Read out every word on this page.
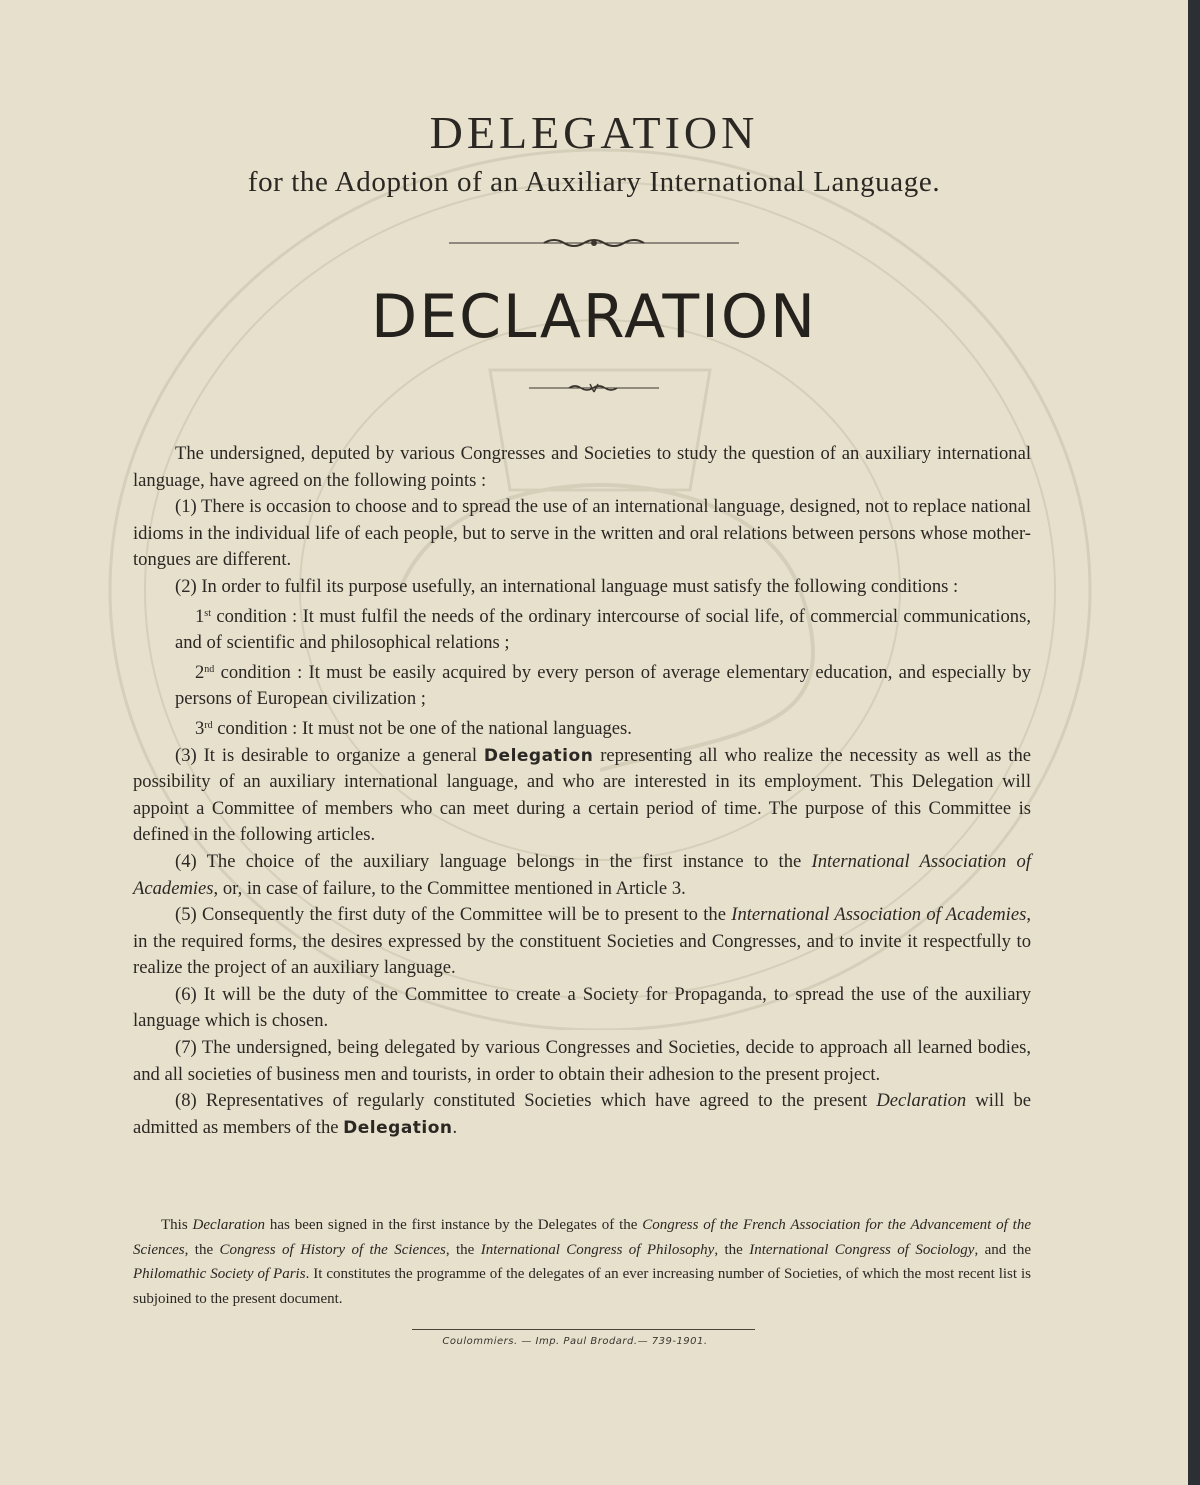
DELEGATION
for the Adoption of an Auxiliary International Language.
DECLARATION

The undersigned, deputed by various Congresses and Societies to study the question of an auxiliary international language, have agreed on the following points :

(1) There is occasion to choose and to spread the use of an international language, designed, not to replace national idioms in the individual life of each people, but to serve in the written and oral relations between persons whose mother-tongues are different.

(2) In order to fulfil its purpose usefully, an international language must satisfy the following conditions :

1st condition : It must fulfil the needs of the ordinary intercourse of social life, of commercial communications, and of scientific and philosophical relations ;

2nd condition : It must be easily acquired by every person of average elementary education, and especially by persons of European civilization ;

3rd condition : It must not be one of the national languages.

(3) It is desirable to organize a general Delegation representing all who realize the necessity as well as the possibility of an auxiliary international language, and who are interested in its employment. This Delegation will appoint a Committee of members who can meet during a certain period of time. The purpose of this Committee is defined in the following articles.

(4) The choice of the auxiliary language belongs in the first instance to the International Association of Academies, or, in case of failure, to the Committee mentioned in Article 3.

(5) Consequently the first duty of the Committee will be to present to the International Association of Academies, in the required forms, the desires expressed by the constituent Societies and Congresses, and to invite it respectfully to realize the project of an auxiliary language.

(6) It will be the duty of the Committee to create a Society for Propaganda, to spread the use of the auxiliary language which is chosen.

(7) The undersigned, being delegated by various Congresses and Societies, decide to approach all learned bodies, and all societies of business men and tourists, in order to obtain their adhesion to the present project.

(8) Representatives of regularly constituted Societies which have agreed to the present Declaration will be admitted as members of the Delegation.

This Declaration has been signed in the first instance by the Delegates of the Congress of the French Association for the Advancement of the Sciences, the Congress of History of the Sciences, the International Congress of Philosophy, the International Congress of Sociology, and the Philomathic Society of Paris. It constitutes the programme of the delegates of an ever increasing number of Societies, of which the most recent list is subjoined to the present document.

Coulommiers. — Imp. Paul Brodard.— 739-1901.
